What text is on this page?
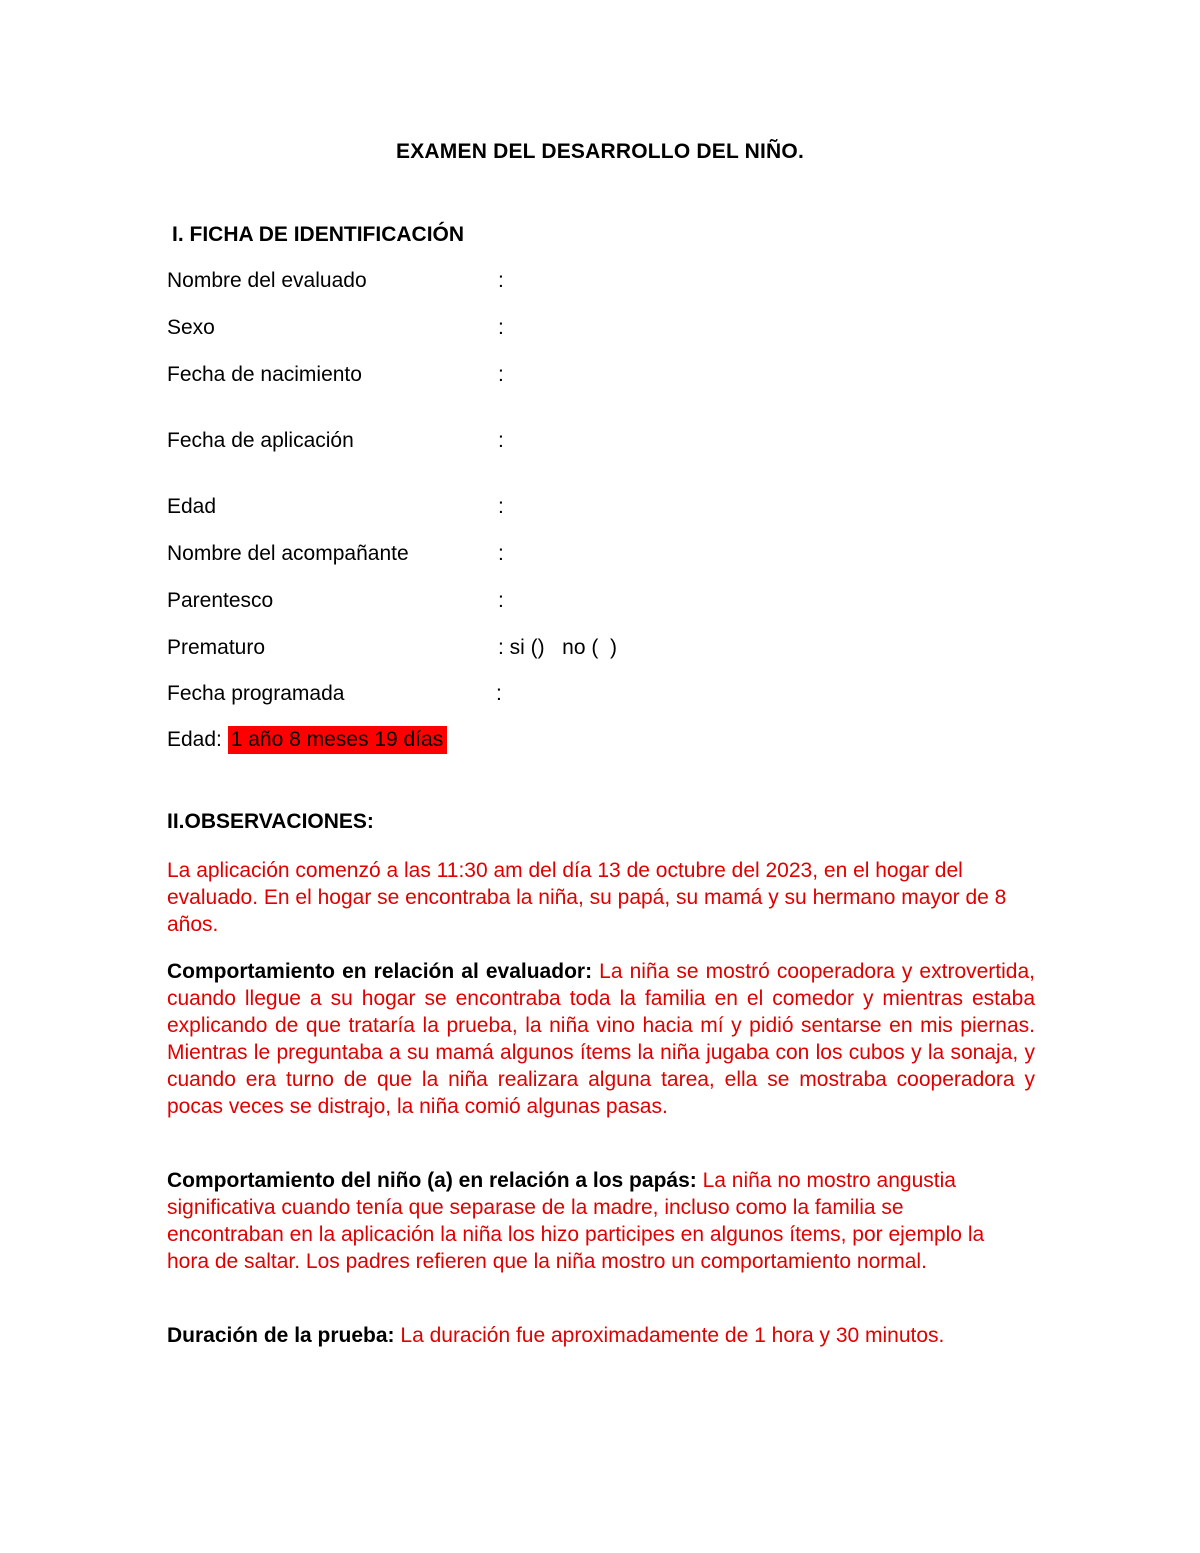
EXAMEN DEL DESARROLLO DEL NIÑO.
I. FICHA DE IDENTIFICACIÓN
Nombre del evaluado	:
Sexo	:
Fecha de nacimiento	:
Fecha de aplicación	:
Edad	:
Nombre del acompañante	:
Parentesco	:
Prematuro	: si ()   no (  )
Fecha programada	:
Edad: 1 año 8 meses 19 días
II.OBSERVACIONES:
La aplicación comenzó a las 11:30 am del día 13 de octubre del 2023, en el hogar del evaluado. En el hogar se encontraba la niña, su papá, su mamá y su hermano mayor de 8 años.
Comportamiento en relación al evaluador: La niña se mostró cooperadora y extrovertida, cuando llegue a su hogar se encontraba toda la familia en el comedor y mientras estaba explicando de que trataría la prueba, la niña vino hacia mí y pidió sentarse en mis piernas. Mientras le preguntaba a su mamá algunos ítems la niña jugaba con los cubos y la sonaja, y cuando era turno de que la niña realizara alguna tarea, ella se mostraba cooperadora y pocas veces se distrajo, la niña comió algunas pasas.
Comportamiento del niño (a) en relación a los papás: La niña no mostro angustia significativa cuando tenía que separase de la madre, incluso como la familia se encontraban en la aplicación la niña los hizo participes en algunos ítems, por ejemplo la hora de saltar. Los padres refieren que la niña mostro un comportamiento normal.
Duración de la prueba: La duración fue aproximadamente de 1 hora y 30 minutos.
